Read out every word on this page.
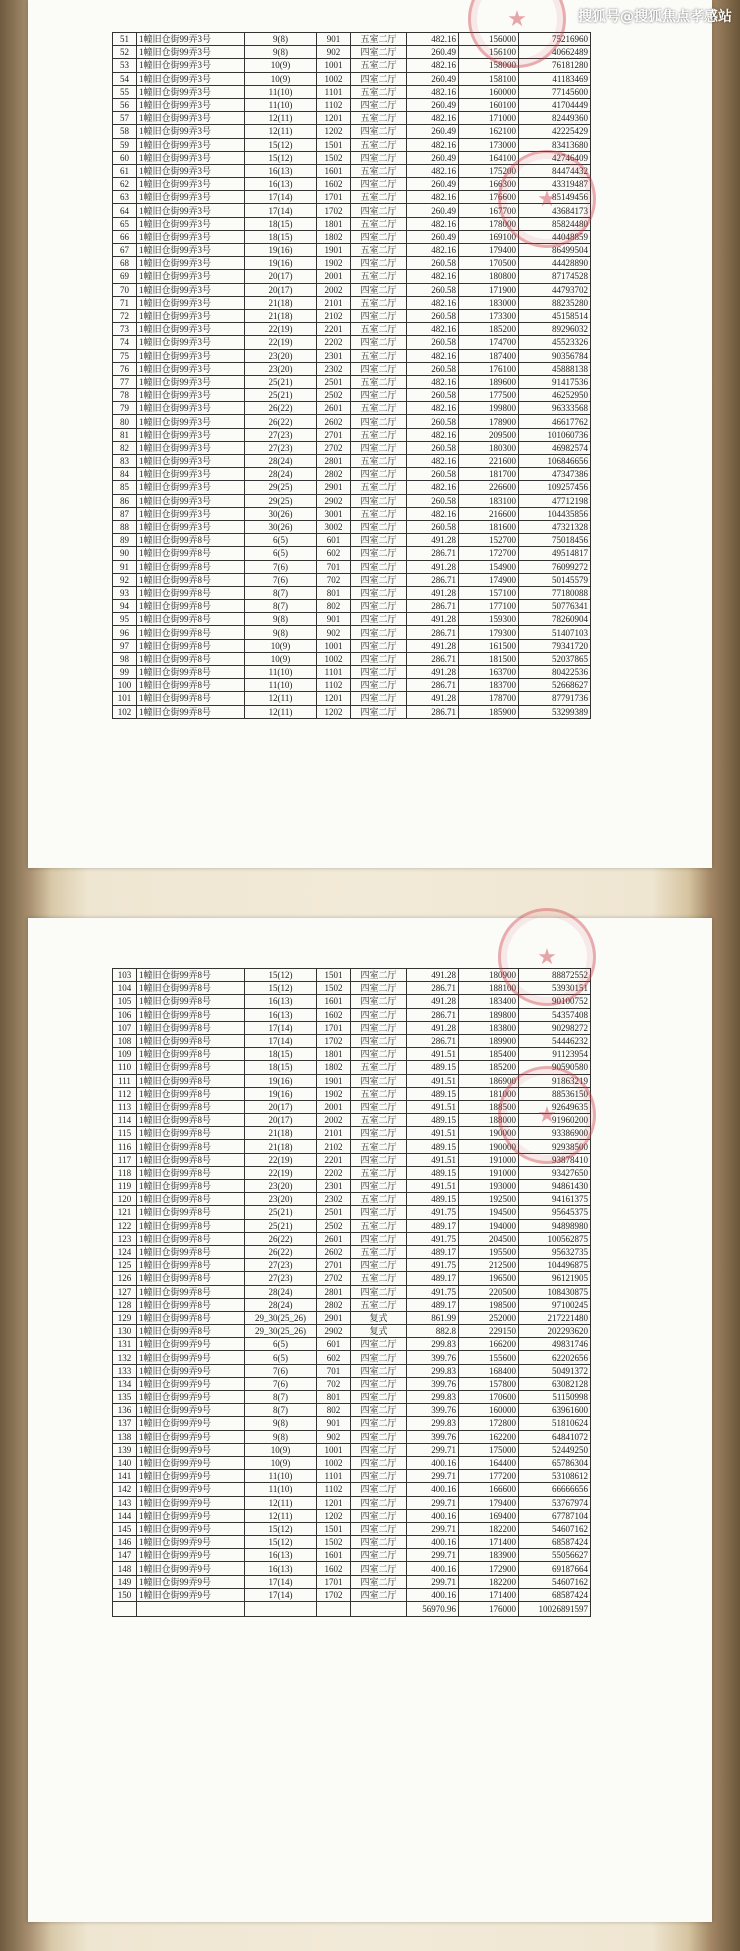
51	1幢旧仓街99弄3号	9(8)	901	五室二厅	482.16	156000	75216960
52	1幢旧仓街99弄3号	9(8)	902	四室二厅	260.49	156100	40662489
53	1幢旧仓街99弄3号	10(9)	1001	五室二厅	482.16	158000	76181280
54	1幢旧仓街99弄3号	10(9)	1002	四室二厅	260.49	158100	41183469
55	1幢旧仓街99弄3号	11(10)	1101	五室二厅	482.16	160000	77145600
56	1幢旧仓街99弄3号	11(10)	1102	四室二厅	260.49	160100	41704449
57	1幢旧仓街99弄3号	12(11)	1201	五室二厅	482.16	171000	82449360
58	1幢旧仓街99弄3号	12(11)	1202	四室二厅	260.49	162100	42225429
59	1幢旧仓街99弄3号	15(12)	1501	五室二厅	482.16	173000	83413680
60	1幢旧仓街99弄3号	15(12)	1502	四室二厅	260.49	164100	42746409
61	1幢旧仓街99弄3号	16(13)	1601	五室二厅	482.16	175200	84474432
62	1幢旧仓街99弄3号	16(13)	1602	四室二厅	260.49	166300	43319487
63	1幢旧仓街99弄3号	17(14)	1701	五室二厅	482.16	176600	85149456
64	1幢旧仓街99弄3号	17(14)	1702	四室二厅	260.49	167700	43684173
65	1幢旧仓街99弄3号	18(15)	1801	五室二厅	482.16	178000	85824480
66	1幢旧仓街99弄3号	18(15)	1802	四室二厅	260.49	169100	44048859
67	1幢旧仓街99弄3号	19(16)	1901	五室二厅	482.16	179400	86499504
68	1幢旧仓街99弄3号	19(16)	1902	四室二厅	260.58	170500	44428890
69	1幢旧仓街99弄3号	20(17)	2001	五室二厅	482.16	180800	87174528
70	1幢旧仓街99弄3号	20(17)	2002	四室二厅	260.58	171900	44793702
71	1幢旧仓街99弄3号	21(18)	2101	五室二厅	482.16	183000	88235280
72	1幢旧仓街99弄3号	21(18)	2102	四室二厅	260.58	173300	45158514
73	1幢旧仓街99弄3号	22(19)	2201	五室二厅	482.16	185200	89296032
74	1幢旧仓街99弄3号	22(19)	2202	四室二厅	260.58	174700	45523326
75	1幢旧仓街99弄3号	23(20)	2301	五室二厅	482.16	187400	90356784
76	1幢旧仓街99弄3号	23(20)	2302	四室二厅	260.58	176100	45888138
77	1幢旧仓街99弄3号	25(21)	2501	五室二厅	482.16	189600	91417536
78	1幢旧仓街99弄3号	25(21)	2502	四室二厅	260.58	177500	46252950
79	1幢旧仓街99弄3号	26(22)	2601	五室二厅	482.16	199800	96333568
80	1幢旧仓街99弄3号	26(22)	2602	四室二厅	260.58	178900	46617762
81	1幢旧仓街99弄3号	27(23)	2701	五室二厅	482.16	209500	101060736
82	1幢旧仓街99弄3号	27(23)	2702	四室二厅	260.58	180300	46982574
83	1幢旧仓街99弄3号	28(24)	2801	五室二厅	482.16	221600	106846656
84	1幢旧仓街99弄3号	28(24)	2802	四室二厅	260.58	181700	47347386
85	1幢旧仓街99弄3号	29(25)	2901	五室二厅	482.16	226600	109257456
86	1幢旧仓街99弄3号	29(25)	2902	四室二厅	260.58	183100	47712198
87	1幢旧仓街99弄3号	30(26)	3001	五室二厅	482.16	216600	104435856
88	1幢旧仓街99弄3号	30(26)	3002	四室二厅	260.58	181600	47321328
89	1幢旧仓街99弄8号	6(5)	601	四室二厅	491.28	152700	75018456
90	1幢旧仓街99弄8号	6(5)	602	四室二厅	286.71	172700	49514817
91	1幢旧仓街99弄8号	7(6)	701	四室二厅	491.28	154900	76099272
92	1幢旧仓街99弄8号	7(6)	702	四室二厅	286.71	174900	50145579
93	1幢旧仓街99弄8号	8(7)	801	四室二厅	491.28	157100	77180088
94	1幢旧仓街99弄8号	8(7)	802	四室二厅	286.71	177100	50776341
95	1幢旧仓街99弄8号	9(8)	901	四室二厅	491.28	159300	78260904
96	1幢旧仓街99弄8号	9(8)	902	四室二厅	286.71	179300	51407103
97	1幢旧仓街99弄8号	10(9)	1001	四室二厅	491.28	161500	79341720
98	1幢旧仓街99弄8号	10(9)	1002	四室二厅	286.71	181500	52037865
99	1幢旧仓街99弄8号	11(10)	1101	四室二厅	491.28	163700	80422536
100	1幢旧仓街99弄8号	11(10)	1102	四室二厅	286.71	183700	52668627
101	1幢旧仓街99弄8号	12(11)	1201	四室二厅	491.28	178700	87791736
102	1幢旧仓街99弄8号	12(11)	1202	四室二厅	286.71	185900	53299389
★
★
103	1幢旧仓街99弄8号	15(12)	1501	四室二厅	491.28	180900	88872552
104	1幢旧仓街99弄8号	15(12)	1502	四室二厅	286.71	188100	53930151
105	1幢旧仓街99弄8号	16(13)	1601	四室二厅	491.28	183400	90100752
106	1幢旧仓街99弄8号	16(13)	1602	四室二厅	286.71	189800	54357408
107	1幢旧仓街99弄8号	17(14)	1701	四室二厅	491.28	183800	90298272
108	1幢旧仓街99弄8号	17(14)	1702	四室二厅	286.71	189900	54446232
109	1幢旧仓街99弄8号	18(15)	1801	四室二厅	491.51	185400	91123954
110	1幢旧仓街99弄8号	18(15)	1802	五室二厅	489.15	185200	90590580
111	1幢旧仓街99弄8号	19(16)	1901	四室二厅	491.51	186900	91863219
112	1幢旧仓街99弄8号	19(16)	1902	五室二厅	489.15	181000	88536150
113	1幢旧仓街99弄8号	20(17)	2001	四室二厅	491.51	188500	92649635
114	1幢旧仓街99弄8号	20(17)	2002	五室二厅	489.15	188000	91960200
115	1幢旧仓街99弄8号	21(18)	2101	四室二厅	491.51	190000	93386900
116	1幢旧仓街99弄8号	21(18)	2102	五室二厅	489.15	190000	92938500
117	1幢旧仓街99弄8号	22(19)	2201	四室二厅	491.51	191000	93878410
118	1幢旧仓街99弄8号	22(19)	2202	五室二厅	489.15	191000	93427650
119	1幢旧仓街99弄8号	23(20)	2301	四室二厅	491.51	193000	94861430
120	1幢旧仓街99弄8号	23(20)	2302	五室二厅	489.15	192500	94161375
121	1幢旧仓街99弄8号	25(21)	2501	四室二厅	491.75	194500	95645375
122	1幢旧仓街99弄8号	25(21)	2502	五室二厅	489.17	194000	94898980
123	1幢旧仓街99弄8号	26(22)	2601	四室二厅	491.75	204500	100562875
124	1幢旧仓街99弄8号	26(22)	2602	五室二厅	489.17	195500	95632735
125	1幢旧仓街99弄8号	27(23)	2701	四室二厅	491.75	212500	104496875
126	1幢旧仓街99弄8号	27(23)	2702	五室二厅	489.17	196500	96121905
127	1幢旧仓街99弄8号	28(24)	2801	四室二厅	491.75	220500	108430875
128	1幢旧仓街99弄8号	28(24)	2802	五室二厅	489.17	198500	97100245
129	1幢旧仓街99弄8号	29_30(25_26)	2901	复式	861.99	252000	217221480
130	1幢旧仓街99弄8号	29_30(25_26)	2902	复式	882.8	229150	202293620
131	1幢旧仓街99弄9号	6(5)	601	四室二厅	299.83	166200	49831746
132	1幢旧仓街99弄9号	6(5)	602	四室二厅	399.76	155600	62202656
133	1幢旧仓街99弄9号	7(6)	701	四室二厅	299.83	168400	50491372
134	1幢旧仓街99弄9号	7(6)	702	四室二厅	399.76	157800	63082128
135	1幢旧仓街99弄9号	8(7)	801	四室二厅	299.83	170600	51150998
136	1幢旧仓街99弄9号	8(7)	802	四室二厅	399.76	160000	63961600
137	1幢旧仓街99弄9号	9(8)	901	四室二厅	299.83	172800	51810624
138	1幢旧仓街99弄9号	9(8)	902	四室二厅	399.76	162200	64841072
139	1幢旧仓街99弄9号	10(9)	1001	四室二厅	299.71	175000	52449250
140	1幢旧仓街99弄9号	10(9)	1002	四室二厅	400.16	164400	65786304
141	1幢旧仓街99弄9号	11(10)	1101	四室二厅	299.71	177200	53108612
142	1幢旧仓街99弄9号	11(10)	1102	四室二厅	400.16	166600	66666656
143	1幢旧仓街99弄9号	12(11)	1201	四室二厅	299.71	179400	53767974
144	1幢旧仓街99弄9号	12(11)	1202	四室二厅	400.16	169400	67787104
145	1幢旧仓街99弄9号	15(12)	1501	四室二厅	299.71	182200	54607162
146	1幢旧仓街99弄9号	15(12)	1502	四室二厅	400.16	171400	68587424
147	1幢旧仓街99弄9号	16(13)	1601	四室二厅	299.71	183900	55056627
148	1幢旧仓街99弄9号	16(13)	1602	四室二厅	400.16	172900	69187664
149	1幢旧仓街99弄9号	17(14)	1701	四室二厅	299.71	182200	54607162
150	1幢旧仓街99弄9号	17(14)	1702	四室二厅	400.16	171400	68587424
					56970.96	176000	10026891597
★
★
搜狐号@搜狐焦点孝感站
